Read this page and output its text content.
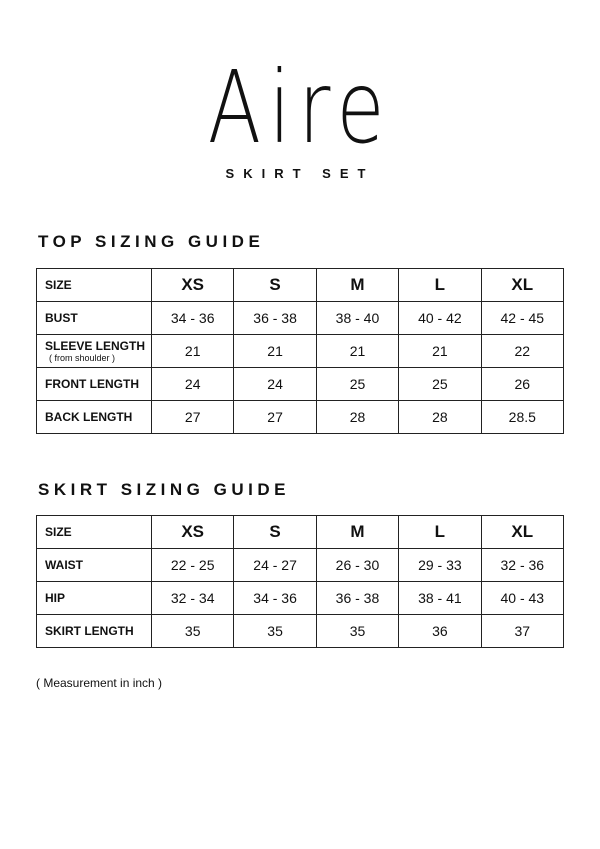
Aire
SKIRT SET
TOP SIZING GUIDE
SIZE	XS	S	M	L	XL
BUST	34 - 36	36 - 38	38 - 40	40 - 42	42 - 45
SLEEVE LENGTH
( from shoulder )	21	21	21	21	22
FRONT LENGTH	24	24	25	25	26
BACK LENGTH	27	27	28	28	28.5
SKIRT SIZING GUIDE
SIZE	XS	S	M	L	XL
WAIST	22 - 25	24 - 27	26 - 30	29 - 33	32 - 36
HIP	32 - 34	34 - 36	36 - 38	38 - 41	40 - 43
SKIRT LENGTH	35	35	35	36	37
( Measurement in inch )
